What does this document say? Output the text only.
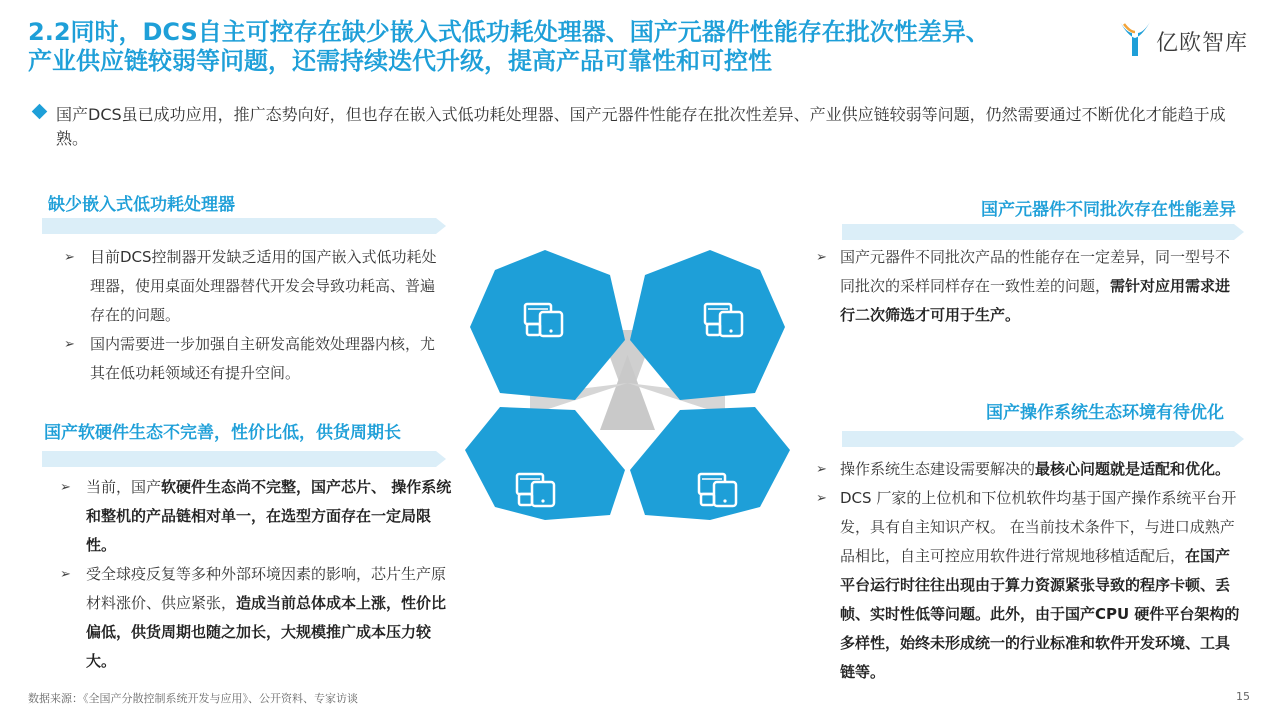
2.2同时，DCS自主可控存在缺少嵌入式低功耗处理器、国产元器件性能存在批次性差异、
产业供应链较弱等问题，还需持续迭代升级，提高产品可靠性和可控性
亿欧智库
国产DCS虽已成功应用，推广态势向好，但也存在嵌入式低功耗处理器、国产元器件性能存在批次性差异、产业供应链较弱等问题，仍然需要通过不断优化才能趋于成熟。
缺少嵌入式低功耗处理器
➢ 目前DCS控制器开发缺乏适用的国产嵌入式低功耗处理器，使用桌面处理器替代开发会导致功耗高、普遍存在的问题。
➢ 国内需要进一步加强自主研发高能效处理器内核，尤其在低功耗领域还有提升空间。
国产软硬件生态不完善，性价比低，供货周期长
➢ 当前，国产软硬件生态尚不完整，国产芯片、 操作系统和整机的产品链相对单一，在选型方面存在一定局限性。
➢ 受全球疫反复等多种外部环境因素的影响，芯片生产原材料涨价、供应紧张，造成当前总体成本上涨，性价比偏低，供货周期也随之加长，大规模推广成本压力较大。
国产元器件不同批次存在性能差异
➢ 国产元器件不同批次产品的性能存在一定差异，同一型号不同批次的采样同样存在一致性差的问题，需针对应用需求进行二次筛选才可用于生产。
国产操作系统生态环境有待优化
➢ 操作系统生态建设需要解决的最核心问题就是适配和优化。
➢ DCS 厂家的上位机和下位机软件均基于国产操作系统平台开发，具有自主知识产权。 在当前技术条件下，与进口成熟产品相比，自主可控应用软件进行常规地移植适配后，在国产平台运行时往往出现由于算力资源紧张导致的程序卡顿、丢帧、实时性低等问题。此外，由于国产CPU 硬件平台架构的多样性，始终未形成统一的行业标准和软件开发环境、工具链等。
数据来源：《全国产分散控制系统开发与应用》、公开资料、专家访谈	15
